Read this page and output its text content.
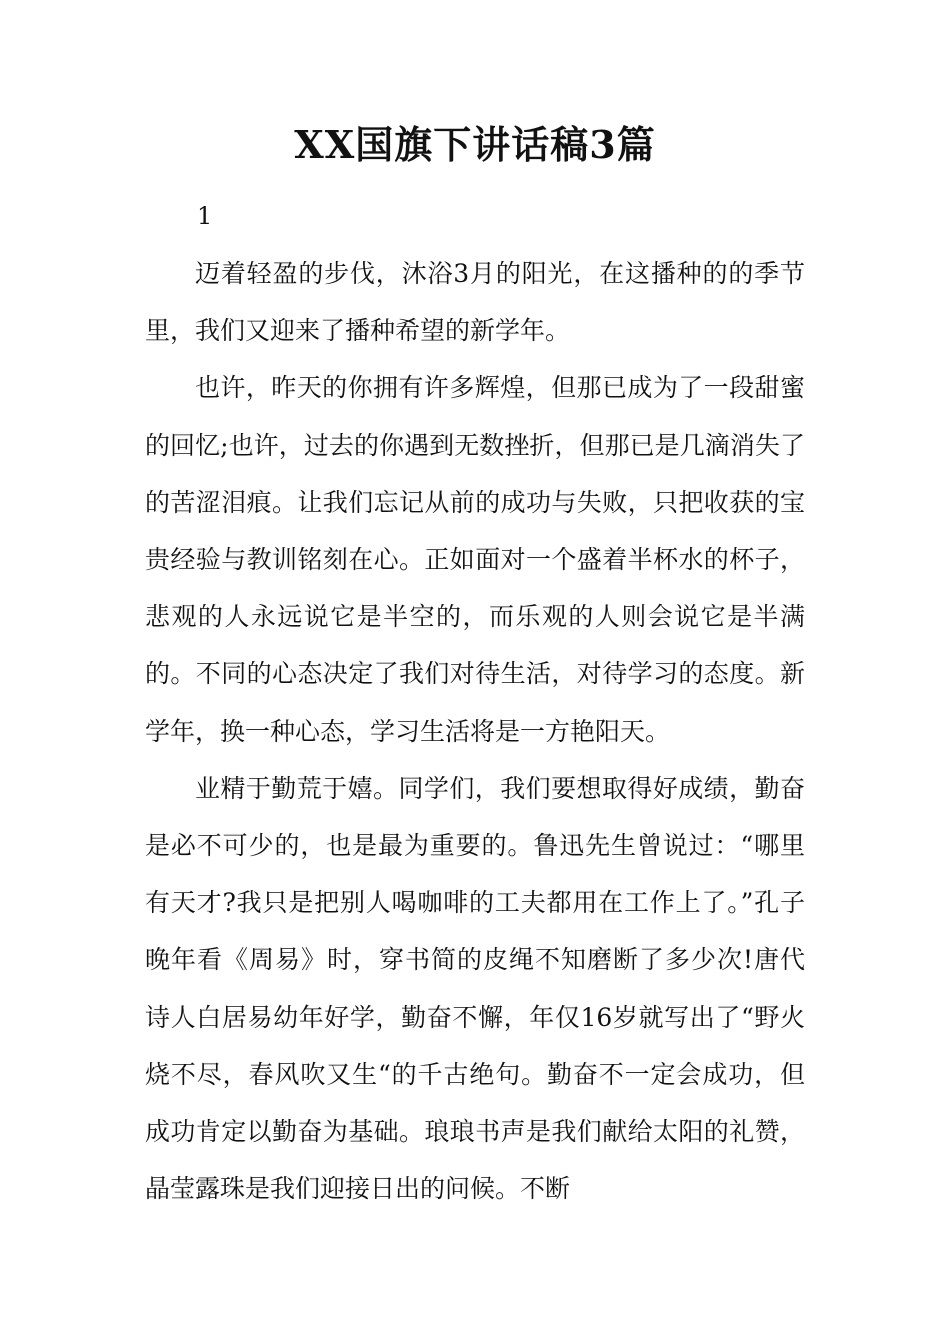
XX国旗下讲话稿3篇
1

迈着轻盈的步伐，沐浴3月的阳光，在这播种的的季节里，我们又迎来了播种希望的新学年。

也许，昨天的你拥有许多辉煌，但那已成为了一段甜蜜的回忆;也许，过去的你遇到无数挫折，但那已是几滴消失了的苦涩泪痕。让我们忘记从前的成功与失败，只把收获的宝贵经验与教训铭刻在心。正如面对一个盛着半杯水的杯子，悲观的人永远说它是半空的，而乐观的人则会说它是半满的。不同的心态决定了我们对待生活，对待学习的态度。新学年，换一种心态，学习生活将是一方艳阳天。

业精于勤荒于嬉。同学们，我们要想取得好成绩，勤奋是必不可少的，也是最为重要的。鲁迅先生曾说过：“哪里有天才?我只是把别人喝咖啡的工夫都用在工作上了。”孔子晚年看《周易》时，穿书简的皮绳不知磨断了多少次!唐代诗人白居易幼年好学，勤奋不懈，年仅16岁就写出了“野火烧不尽，春风吹又生“的千古绝句。勤奋不一定会成功，但成功肯定以勤奋为基础。琅琅书声是我们献给太阳的礼赞，晶莹露珠是我们迎接日出的问候。不断
